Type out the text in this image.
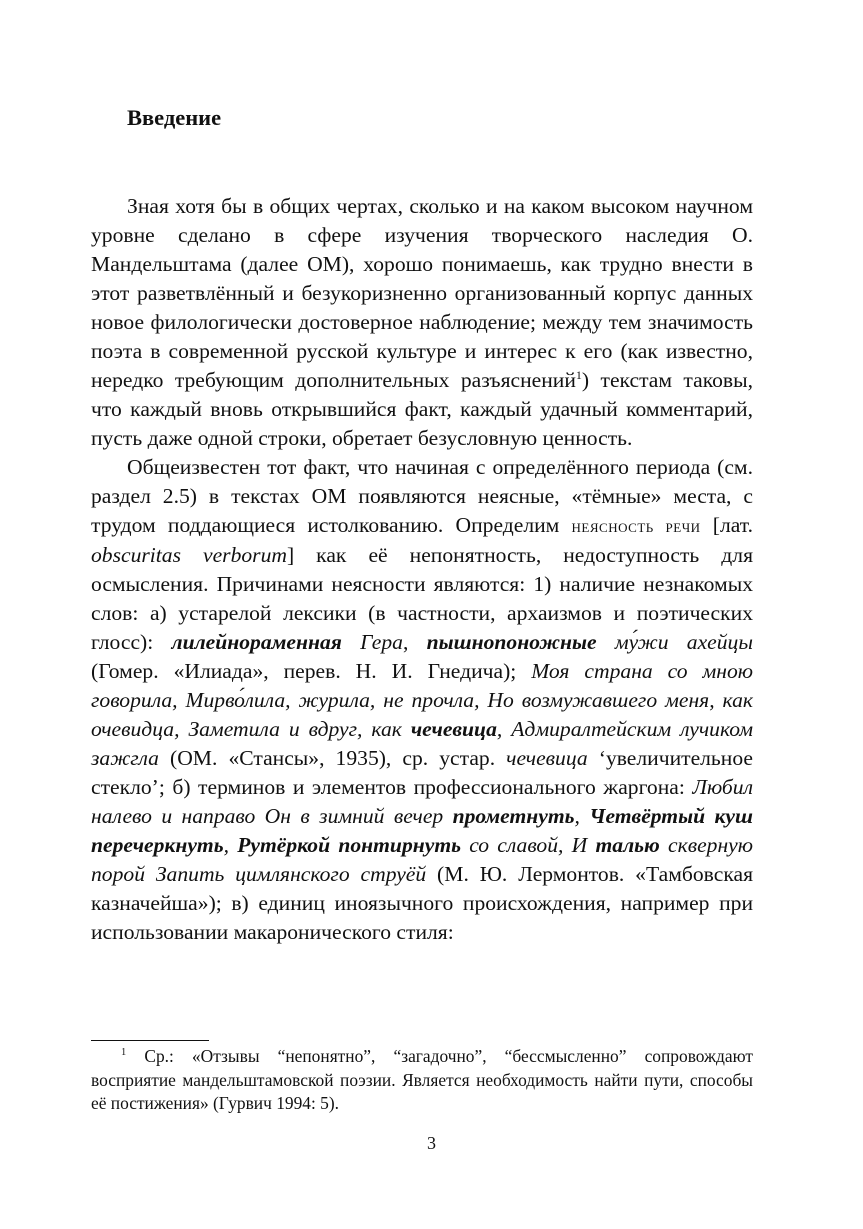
Введение

Зная хотя бы в общих чертах, сколько и на каком высоком научном уровне сделано в сфере изучения творческого наследия О. Мандельштама (далее ОМ), хорошо понимаешь, как трудно внести в этот разветвлённый и безукоризненно организованный корпус данных новое филологически достоверное наблюдение; между тем значимость поэта в современной русской культуре и интерес к его (как известно, нередко требующим дополнительных разъяснений$^1$) текстам таковы, что каждый вновь открывшийся факт, каждый удачный комментарий, пусть даже одной строки, обретает безусловную ценность.

Общеизвестен тот факт, что начиная с определённого периода (см. раздел 2.5) в текстах ОМ появляются неясные, «тёмные» места, с трудом поддающиеся истолкованию. Определим неясность речи [лат. obscuritas verborum] как её непонятность, недоступность для осмысления. Причинами неясности являются: 1) наличие незнакомых слов: а) устарелой лексики (в частности, архаизмов и поэтических глосс): лилейнораменная Гера, пышнопоножные му́жи ахейцы (Гомер. «Илиада», перев. Н. И. Гнедича); Моя страна со мною говорила, Мирво́лила, журила, не прочла, Но возмужавшего меня, как очевидца, Заметила и вдруг, как чечевица, Адмиралтейским лучиком зажгла (ОМ. «Стансы», 1935), ср. устар. чечевица ‘увеличительное стекло’; б) терминов и элементов профессионального жаргона: Любил налево и направо Он в зимний вечер прометнуть, Четвёртый куш перечеркнуть, Рутёркой понтирнуть со славой, И талью скверную порой Запить цимлянского струёй (М. Ю. Лермонтов. «Тамбовская казначейша»); в) единиц иноязычного происхождения, например при использовании макаронического стиля:

$^1$ Ср.: «Отзывы “непонятно”, “загадочно”, “бессмысленно” сопровождают восприятие мандельштамовской поэзии. Является необходимость найти пути, способы её постижения» (Гурвич 1994: 5).

3
